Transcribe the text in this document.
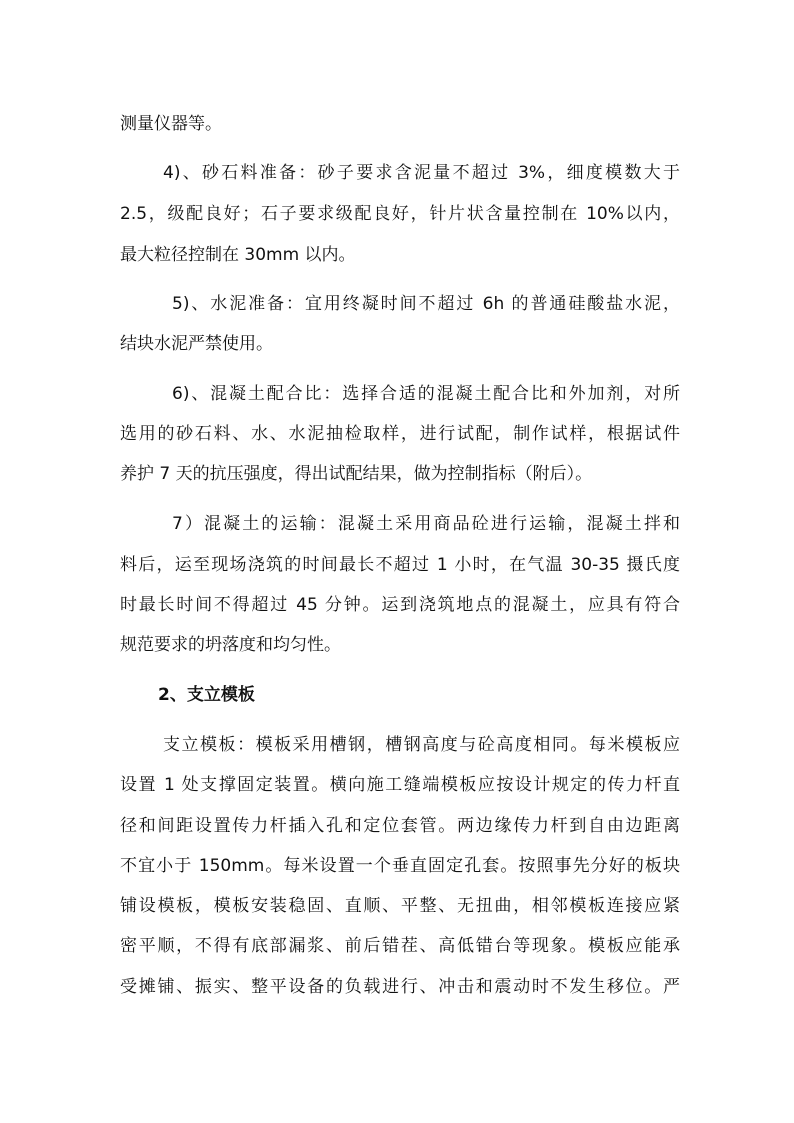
测量仪器等。
4)、砂石料准备：砂子要求含泥量不超过 3%，细度模数大于
2.5，级配良好；石子要求级配良好，针片状含量控制在 10%以内，
最大粒径控制在 30mm 以内。
5)、水泥准备：宜用终凝时间不超过 6h 的普通硅酸盐水泥，
结块水泥严禁使用。
6)、混凝土配合比：选择合适的混凝土配合比和外加剂，对所
选用的砂石料、水、水泥抽检取样，进行试配，制作试样，根据试件
养护 7 天的抗压强度，得出试配结果，做为控制指标（附后）。
7）混凝土的运输：混凝土采用商品砼进行运输，混凝土拌和
料后，运至现场浇筑的时间最长不超过 1 小时，在气温 30-35 摄氏度
时最长时间不得超过 45 分钟。运到浇筑地点的混凝土，应具有符合
规范要求的坍落度和均匀性。
2、支立模板
支立模板：模板采用槽钢，槽钢高度与砼高度相同。每米模板应
设置 1 处支撑固定装置。横向施工缝端模板应按设计规定的传力杆直
径和间距设置传力杆插入孔和定位套管。两边缘传力杆到自由边距离
不宜小于 150mm。每米设置一个垂直固定孔套。按照事先分好的板块
铺设模板，模板安装稳固、直顺、平整、无扭曲，相邻模板连接应紧
密平顺，不得有底部漏浆、前后错茬、高低错台等现象。模板应能承
受摊铺、振实、整平设备的负载进行、冲击和震动时不发生移位。严
